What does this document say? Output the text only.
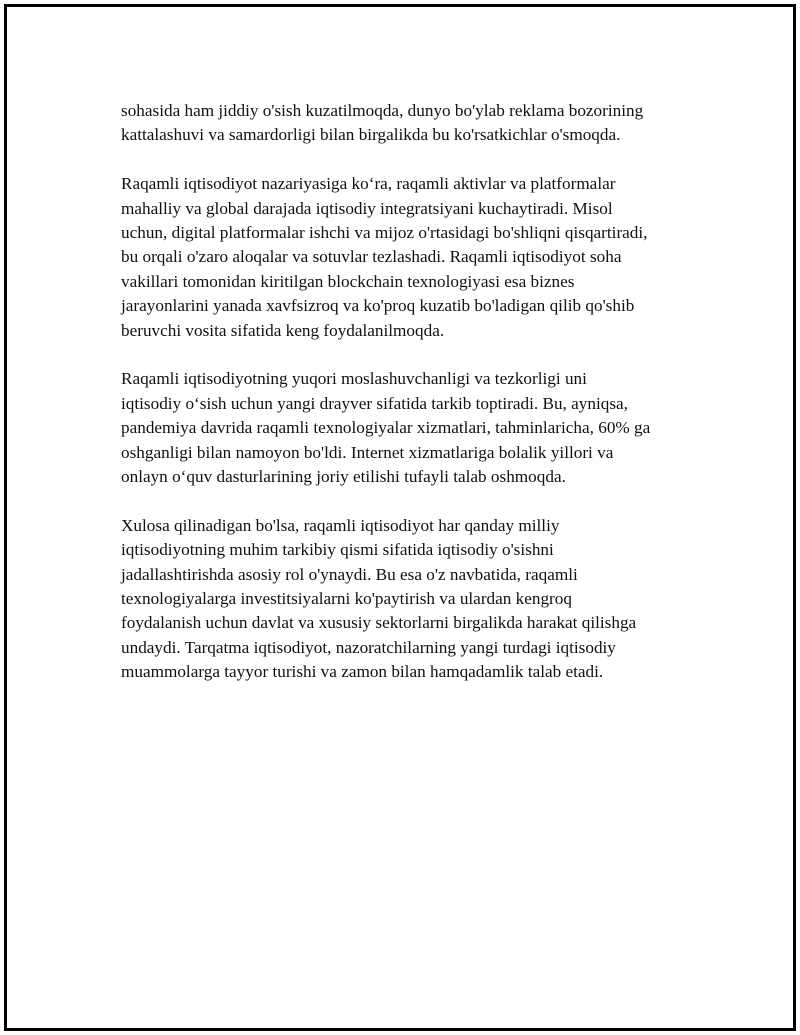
sohasida ham jiddiy o'sish kuzatilmoqda, dunyo bo'ylab reklama bozorining
kattalashuvi va samardorligi bilan birgalikda bu ko'rsatkichlar o'smoqda.

Raqamli iqtisodiyot nazariyasiga ko‘ra, raqamli aktivlar va platformalar
mahalliy va global darajada iqtisodiy integratsiyani kuchaytiradi. Misol
uchun, digital platformalar ishchi va mijoz o'rtasidagi bo'shliqni qisqartiradi,
bu orqali o'zaro aloqalar va sotuvlar tezlashadi. Raqamli iqtisodiyot soha
vakillari tomonidan kiritilgan blockchain texnologiyasi esa biznes
jarayonlarini yanada xavfsizroq va ko'proq kuzatib bo'ladigan qilib qo'shib
beruvchi vosita sifatida keng foydalanilmoqda.

Raqamli iqtisodiyotning yuqori moslashuvchanligi va tezkorligi uni
iqtisodiy o‘sish uchun yangi drayver sifatida tarkib toptiradi. Bu, ayniqsa,
pandemiya davrida raqamli texnologiyalar xizmatlari, tahminlaricha, 60% ga
oshganligi bilan namoyon bo'ldi. Internet xizmatlariga bolalik yillori va
onlayn o‘quv dasturlarining joriy etilishi tufayli talab oshmoqda.

Xulosa qilinadigan bo'lsa, raqamli iqtisodiyot har qanday milliy
iqtisodiyotning muhim tarkibiy qismi sifatida iqtisodiy o'sishni
jadallashtirishda asosiy rol o'ynaydi. Bu esa o'z navbatida, raqamli
texnologiyalarga investitsiyalarni ko'paytirish va ulardan kengroq
foydalanish uchun davlat va xususiy sektorlarni birgalikda harakat qilishga
undaydi. Tarqatma iqtisodiyot, nazoratchilarning yangi turdagi iqtisodiy
muammolarga tayyor turishi va zamon bilan hamqadamlik talab etadi.
